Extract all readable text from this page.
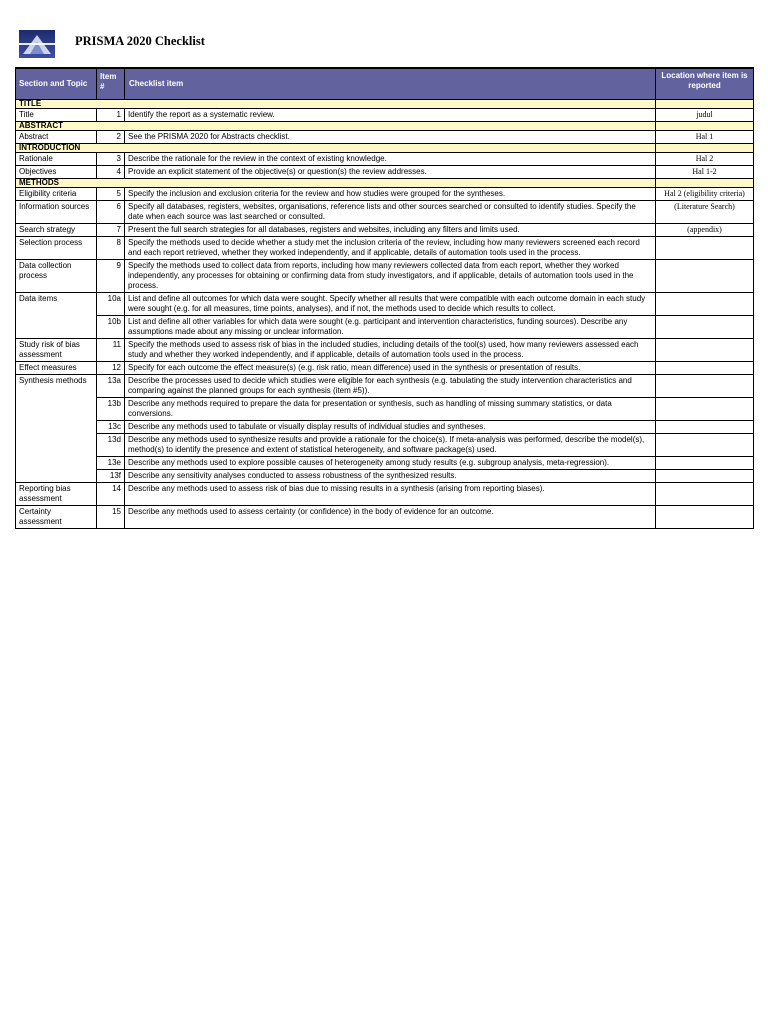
PRISMA 2020 Checklist
Section and Topic	Item #	Checklist item	Location where item is reported
TITLE			
Title	1	Identify the report as a systematic review.	judul
ABSTRACT			
Abstract	2	See the PRISMA 2020 for Abstracts checklist.	Hal 1
INTRODUCTION			
Rationale	3	Describe the rationale for the review in the context of existing knowledge.	Hal 2
Objectives	4	Provide an explicit statement of the objective(s) or question(s) the review addresses.	Hal 1-2
METHODS			
Eligibility criteria	5	Specify the inclusion and exclusion criteria for the review and how studies were grouped for the syntheses.	Hal 2 (eligibility criteria)
Information sources	6	Specify all databases, registers, websites, organisations, reference lists and other sources searched or consulted to identify studies. Specify the date when each source was last searched or consulted.	(Literature Search)
Search strategy	7	Present the full search strategies for all databases, registers and websites, including any filters and limits used.	(appendix)
Selection process	8	Specify the methods used to decide whether a study met the inclusion criteria of the review, including how many reviewers screened each record and each report retrieved, whether they worked independently, and if applicable, details of automation tools used in the process.	
Data collection process	9	Specify the methods used to collect data from reports, including how many reviewers collected data from each report, whether they worked independently, any processes for obtaining or confirming data from study investigators, and if applicable, details of automation tools used in the process.	
Data items	10a	List and define all outcomes for which data were sought. Specify whether all results that were compatible with each outcome domain in each study were sought (e.g. for all measures, time points, analyses), and if not, the methods used to decide which results to collect.	
	10b	List and define all other variables for which data were sought (e.g. participant and intervention characteristics, funding sources). Describe any assumptions made about any missing or unclear information.	
Study risk of bias assessment	11	Specify the methods used to assess risk of bias in the included studies, including details of the tool(s) used, how many reviewers assessed each study and whether they worked independently, and if applicable, details of automation tools used in the process.	
Effect measures	12	Specify for each outcome the effect measure(s) (e.g. risk ratio, mean difference) used in the synthesis or presentation of results.	
Synthesis methods	13a	Describe the processes used to decide which studies were eligible for each synthesis (e.g. tabulating the study intervention characteristics and comparing against the planned groups for each synthesis (item #5)).	
	13b	Describe any methods required to prepare the data for presentation or synthesis, such as handling of missing summary statistics, or data conversions.	
	13c	Describe any methods used to tabulate or visually display results of individual studies and syntheses.	
	13d	Describe any methods used to synthesize results and provide a rationale for the choice(s). If meta-analysis was performed, describe the model(s), method(s) to identify the presence and extent of statistical heterogeneity, and software package(s) used.	
	13e	Describe any methods used to explore possible causes of heterogeneity among study results (e.g. subgroup analysis, meta-regression).	
	13f	Describe any sensitivity analyses conducted to assess robustness of the synthesized results.	
Reporting bias assessment	14	Describe any methods used to assess risk of bias due to missing results in a synthesis (arising from reporting biases).	
Certainty assessment	15	Describe any methods used to assess certainty (or confidence) in the body of evidence for an outcome.	
